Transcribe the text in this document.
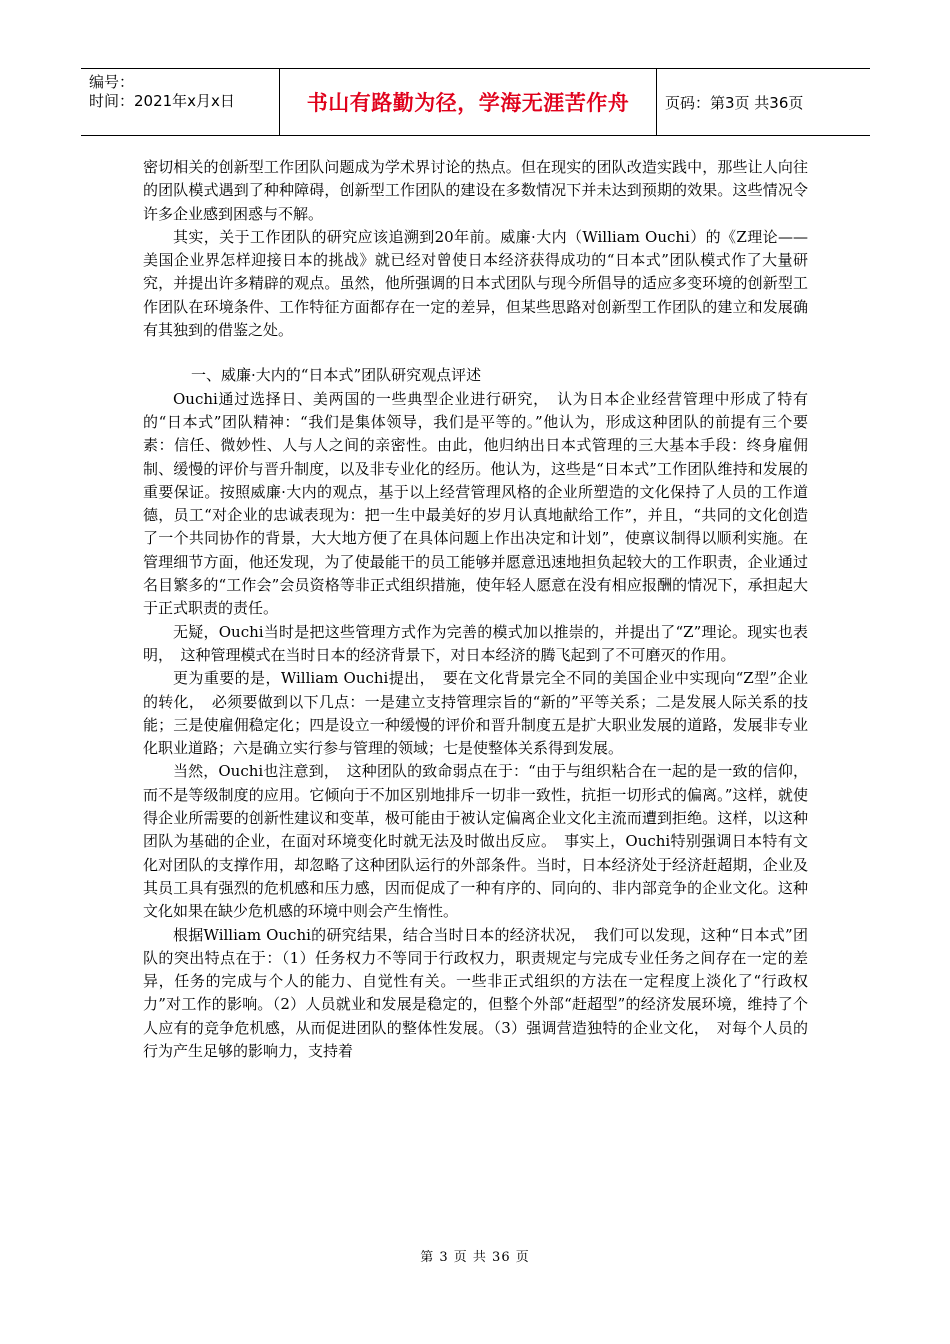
编号：
时间：2021年x月x日	书山有路勤为径，学海无涯苦作舟	页码：第3页 共36页

密切相关的创新型工作团队问题成为学术界讨论的热点。但在现实的团队改造实践中，那些让人向往的团队模式遇到了种种障碍，创新型工作团队的建设在多数情况下并未达到预期的效果。这些情况令许多企业感到困惑与不解。

其实，关于工作团队的研究应该追溯到20年前。威廉·大内（William Ouchi）的《Z理论——美国企业界怎样迎接日本的挑战》就已经对曾使日本经济获得成功的“日本式”团队模式作了大量研究，并提出许多精辟的观点。虽然，他所强调的日本式团队与现今所倡导的适应多变环境的创新型工作团队在环境条件、工作特征方面都存在一定的差异，但某些思路对创新型工作团队的建立和发展确有其独到的借鉴之处。

一、威廉·大内的“日本式”团队研究观点评述

Ouchi通过选择日、美两国的一些典型企业进行研究，　认为日本企业经营管理中形成了特有的“日本式”团队精神：“我们是集体领导，我们是平等的。”他认为，形成这种团队的前提有三个要素：信任、微妙性、人与人之间的亲密性。由此，他归纳出日本式管理的三大基本手段：终身雇佣制、缓慢的评价与晋升制度，以及非专业化的经历。他认为，这些是“日本式”工作团队维持和发展的重要保证。按照威廉·大内的观点，基于以上经营管理风格的企业所塑造的文化保持了人员的工作道德，员工“对企业的忠诚表现为：把一生中最美好的岁月认真地献给工作”，并且，“共同的文化创造了一个共同协作的背景，大大地方便了在具体问题上作出决定和计划”，使禀议制得以顺利实施。在管理细节方面，他还发现，为了使最能干的员工能够并愿意迅速地担负起较大的工作职责，企业通过名目繁多的“工作会”会员资格等非正式组织措施，使年轻人愿意在没有相应报酬的情况下，承担起大于正式职责的责任。

无疑，Ouchi当时是把这些管理方式作为完善的模式加以推崇的，并提出了“Z”理论。现实也表明，　这种管理模式在当时日本的经济背景下，对日本经济的腾飞起到了不可磨灭的作用。

更为重要的是，William Ouchi提出，　要在文化背景完全不同的美国企业中实现向“Z型”企业的转化，　必须要做到以下几点：一是建立支持管理宗旨的“新的”平等关系；二是发展人际关系的技能；三是使雇佣稳定化；四是设立一种缓慢的评价和晋升制度五是扩大职业发展的道路，发展非专业化职业道路；六是确立实行参与管理的领域；七是使整体关系得到发展。

当然，Ouchi也注意到，　这种团队的致命弱点在于：“由于与组织粘合在一起的是一致的信仰，而不是等级制度的应用。它倾向于不加区别地排斥一切非一致性，抗拒一切形式的偏离。”这样，就使得企业所需要的创新性建议和变革，极可能由于被认定偏离企业文化主流而遭到拒绝。这样，以这种团队为基础的企业，在面对环境变化时就无法及时做出反应。　事实上，Ouchi特别强调日本特有文化对团队的支撑作用，却忽略了这种团队运行的外部条件。当时，日本经济处于经济赶超期，企业及其员工具有强烈的危机感和压力感，因而促成了一种有序的、同向的、非内部竞争的企业文化。这种文化如果在缺少危机感的环境中则会产生惰性。

根据William Ouchi的研究结果，结合当时日本的经济状况，　我们可以发现，这种“日本式”团队的突出特点在于：（1）任务权力不等同于行政权力，职责规定与完成专业任务之间存在一定的差异，任务的完成与个人的能力、自觉性有关。一些非正式组织的方法在一定程度上淡化了“行政权力”对工作的影响。（2）人员就业和发展是稳定的，但整个外部“赶超型”的经济发展环境，维持了个人应有的竞争危机感，从而促进团队的整体性发展。（3）强调营造独特的企业文化，　对每个人员的行为产生足够的影响力，支持着

第 3 页 共 36 页
